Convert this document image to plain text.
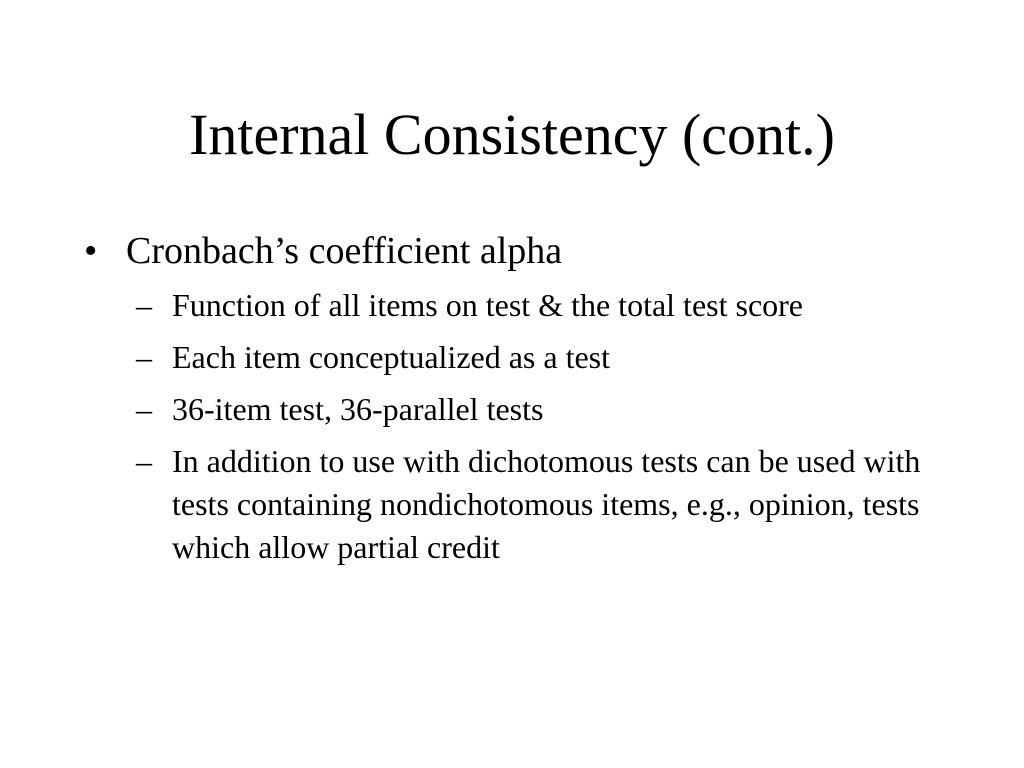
Internal Consistency (cont.)
• Cronbach’s coefficient alpha
– Function of all items on test & the total test score
– Each item conceptualized as a test
– 36-item test, 36-parallel tests
– In addition to use with dichotomous tests can be used with tests containing nondichotomous items, e.g., opinion, tests which allow partial credit
